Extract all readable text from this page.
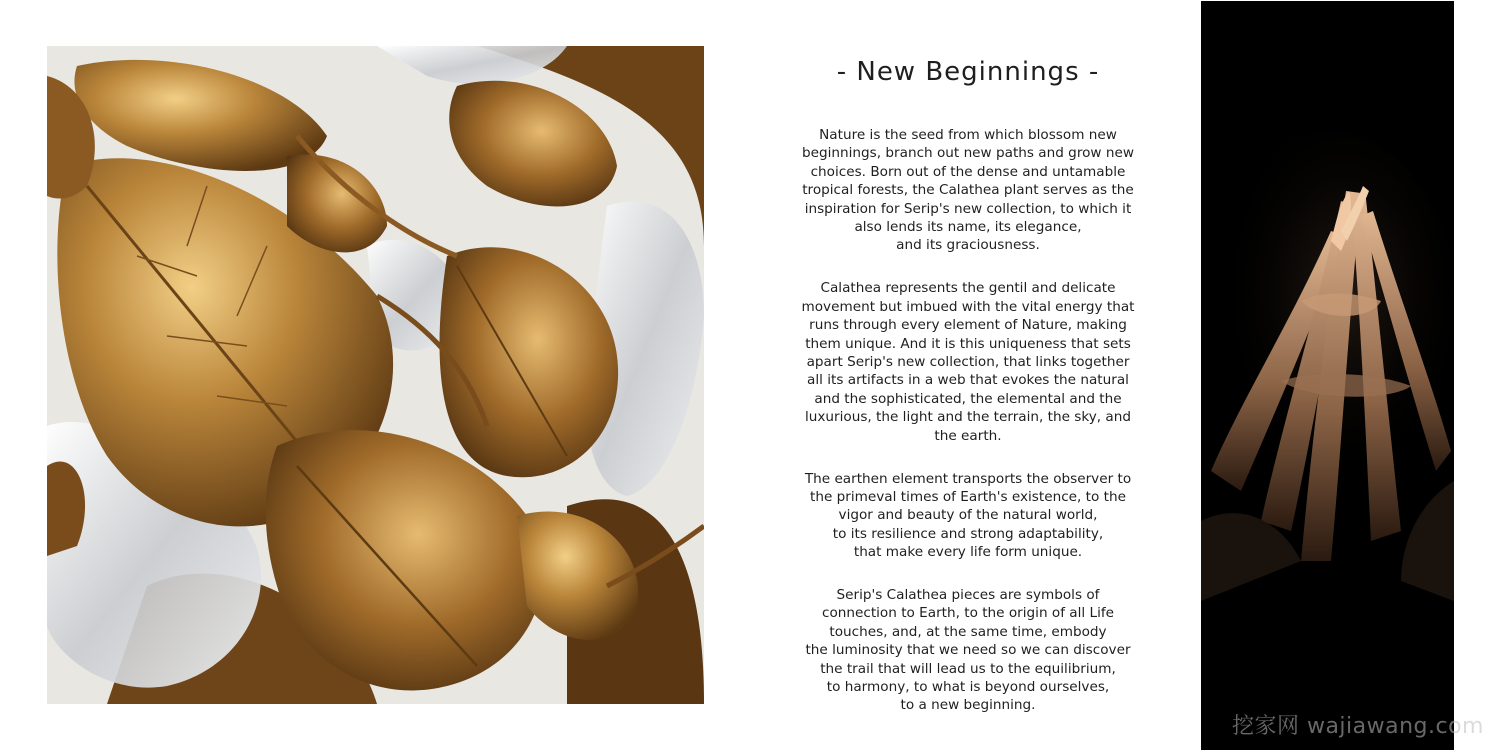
- New Beginnings -

Nature is the seed from which blossom new
beginnings, branch out new paths and grow new
choices. Born out of the dense and untamable
tropical forests, the Calathea plant serves as the
inspiration for Serip's new collection, to which it
also lends its name, its elegance,
and its graciousness.

Calathea represents the gentil and delicate
movement but imbued with the vital energy that
runs through every element of Nature, making
them unique. And it is this uniqueness that sets
apart Serip's new collection, that links together
all its artifacts in a web that evokes the natural
and the sophisticated, the elemental and the
luxurious, the light and the terrain, the sky, and
the earth.

The earthen element transports the observer to
the primeval times of Earth's existence, to the
vigor and beauty of the natural world,
to its resilience and strong adaptability,
that make every life form unique.

Serip's Calathea pieces are symbols of
connection to Earth, to the origin of all Life
touches, and, at the same time, embody
the luminosity that we need so we can discover
the trail that will lead us to the equilibrium,
to harmony, to what is beyond ourselves,
to a new beginning.

挖家网 wajiawang.com
